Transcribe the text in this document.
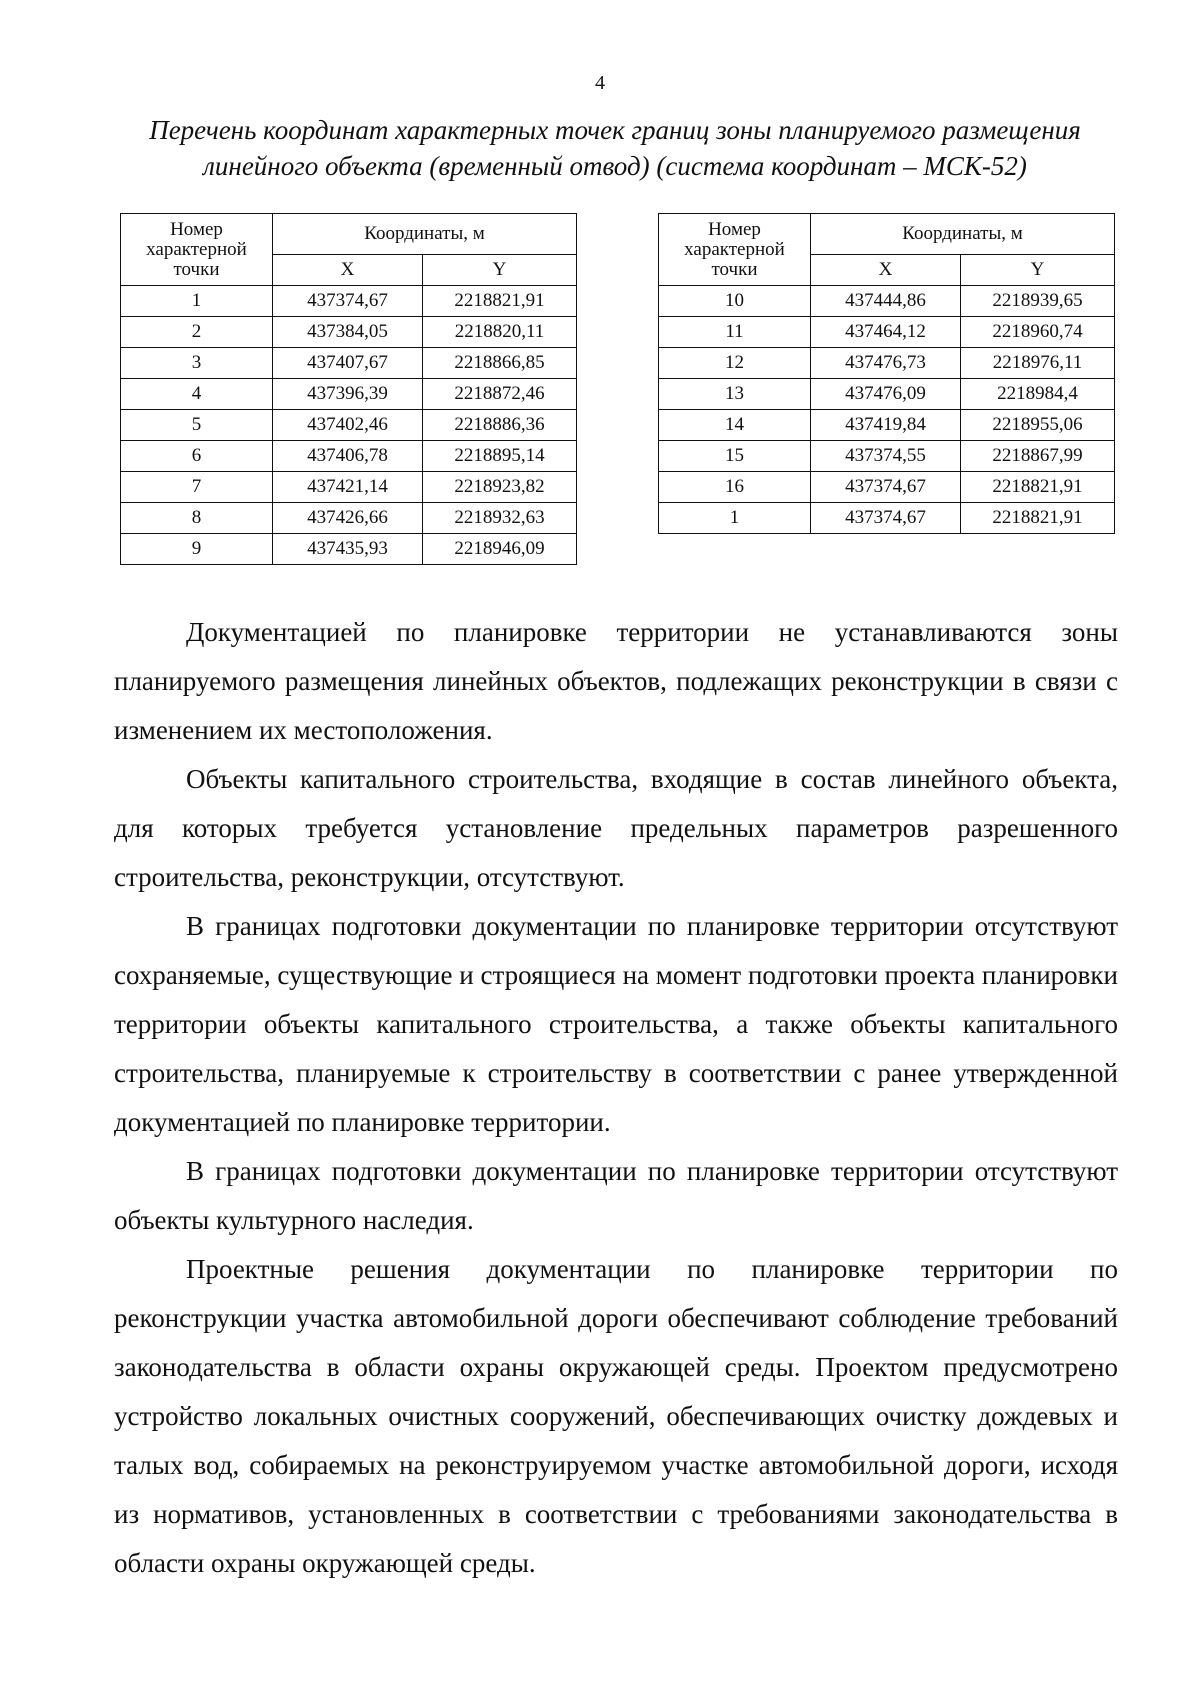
4
Перечень координат характерных точек границ зоны планируемого размещения
линейного объекта (временный отвод) (система координат – МСК-52)
Номер
характерной
точки	Координаты, м	
	X	Y
1	437374,67	2218821,91
2	437384,05	2218820,11
3	437407,67	2218866,85
4	437396,39	2218872,46
5	437402,46	2218886,36
6	437406,78	2218895,14
7	437421,14	2218923,82
8	437426,66	2218932,63
9	437435,93	2218946,09
Номер
характерной
точки	Координаты, м	
	X	Y
10	437444,86	2218939,65
11	437464,12	2218960,74
12	437476,73	2218976,11
13	437476,09	2218984,4
14	437419,84	2218955,06
15	437374,55	2218867,99
16	437374,67	2218821,91
1	437374,67	2218821,91

Документацией по планировке территории не устанавливаются зоны планируемого размещения линейных объектов, подлежащих реконструкции в связи с изменением их местоположения.

Объекты капитального строительства, входящие в состав линейного объекта, для которых требуется установление предельных параметров разрешенного строительства, реконструкции, отсутствуют.

В границах подготовки документации по планировке территории отсутствуют сохраняемые, существующие и строящиеся на момент подготовки проекта планировки территории объекты капитального строительства, а также объекты капитального строительства, планируемые к строительству в соответствии с ранее утвержденной документацией по планировке территории.

В границах подготовки документации по планировке территории отсутствуют объекты культурного наследия.

Проектные решения документации по планировке территории по реконструкции участка автомобильной дороги обеспечивают соблюдение требований законодательства в области охраны окружающей среды. Проектом предусмотрено устройство локальных очистных сооружений, обеспечивающих очистку дождевых и талых вод, собираемых на реконструируемом участке автомобильной дороги, исходя из нормативов, установленных в соответствии с требованиями законодательства в области охраны окружающей среды.
